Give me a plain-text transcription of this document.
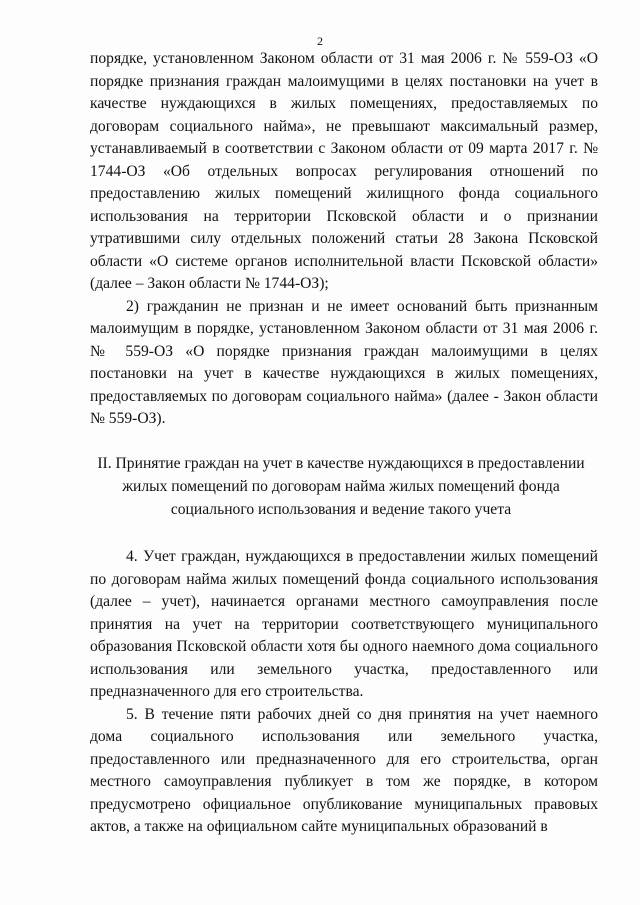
2

порядке, установленном Законом области от 31 мая 2006 г. № 559-ОЗ «О порядке признания граждан малоимущими в целях постановки на учет в качестве нуждающихся в жилых помещениях, предоставляемых по договорам социального найма», не превышают максимальный размер, устанавливаемый в соответствии с Законом области от 09 марта 2017 г. № 1744-ОЗ «Об отдельных вопросах регулирования отношений по предоставлению жилых помещений жилищного фонда социального использования на территории Псковской области и о признании утратившими силу отдельных положений статьи 28 Закона Псковской области «О системе органов исполнительной власти Псковской области» (далее – Закон области № 1744-ОЗ);

2) гражданин не признан и не имеет оснований быть признанным малоимущим в порядке, установленном Законом области от 31 мая 2006 г. № 559-ОЗ «О порядке признания граждан малоимущими в целях постановки на учет в качестве нуждающихся в жилых помещениях, предоставляемых по договорам социального найма» (далее - Закон области № 559-ОЗ).

II. Принятие граждан на учет в качестве нуждающихся в предоставлении жилых помещений по договорам найма жилых помещений фонда социального использования и ведение такого учета

4. Учет граждан, нуждающихся в предоставлении жилых помещений по договорам найма жилых помещений фонда социального использования (далее – учет), начинается органами местного самоуправления после принятия на учет на территории соответствующего муниципального образования Псковской области хотя бы одного наемного дома социального использования или земельного участка, предоставленного или предназначенного для его строительства.

5. В течение пяти рабочих дней со дня принятия на учет наемного дома социального использования или земельного участка, предоставленного или предназначенного для его строительства, орган местного самоуправления публикует в том же порядке, в котором предусмотрено официальное опубликование муниципальных правовых актов, а также на официальном сайте муниципальных образований в
